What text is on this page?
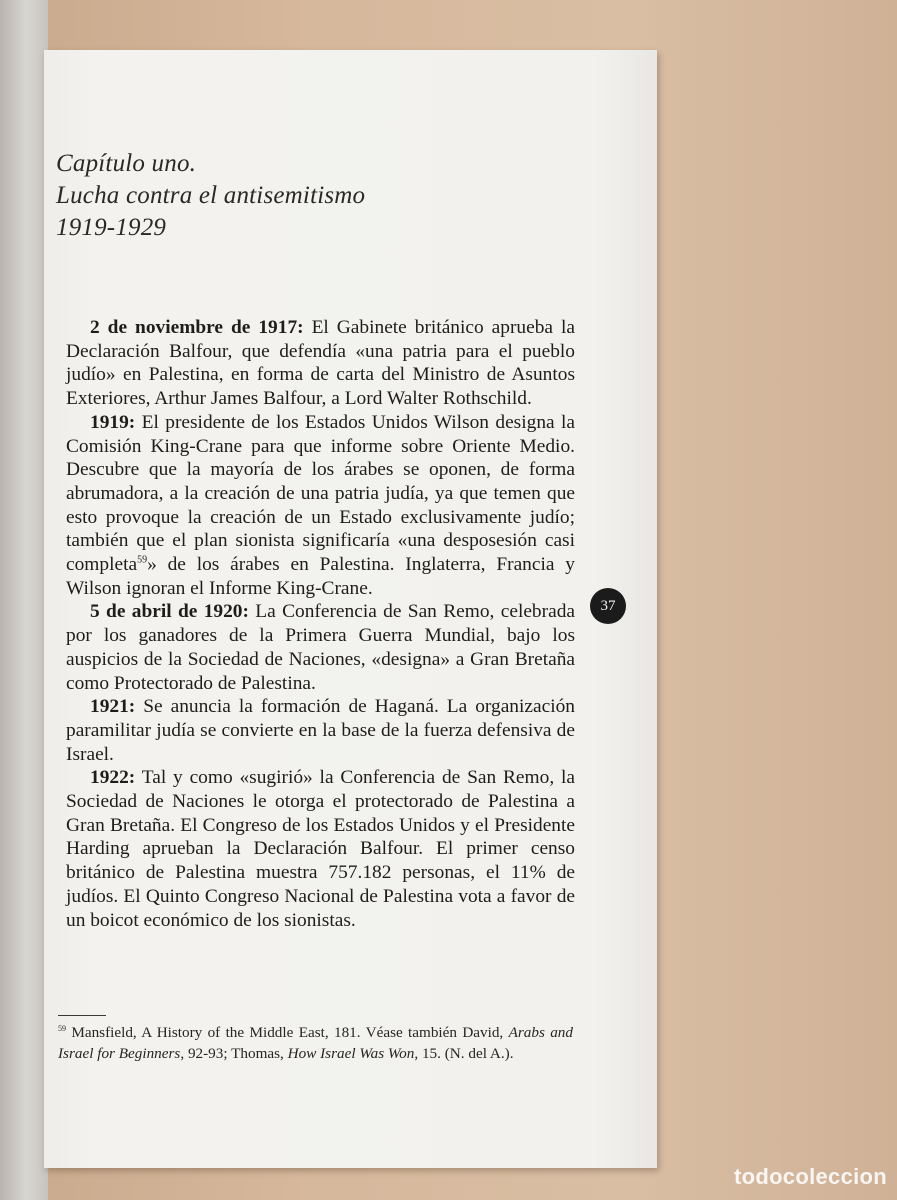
Capítulo uno.
Lucha contra el antisemitismo
1919-1929

2 de noviembre de 1917: El Gabinete británico aprueba la Declaración Balfour, que defendía «una patria para el pueblo judío» en Palestina, en forma de carta del Ministro de Asuntos Exteriores, Arthur James Balfour, a Lord Walter Rothschild.

1919: El presidente de los Estados Unidos Wilson designa la Comisión King-Crane para que informe sobre Oriente Medio. Descubre que la mayoría de los árabes se oponen, de forma abrumadora, a la creación de una patria judía, ya que temen que esto provoque la creación de un Estado exclusivamente judío; también que el plan sionista significaría «una desposesión casi completa$^{59}$» de los árabes en Palestina. Inglaterra, Francia y Wilson ignoran el Informe King-Crane.

5 de abril de 1920: La Conferencia de San Remo, celebrada por los ganadores de la Primera Guerra Mundial, bajo los auspicios de la Sociedad de Naciones, «designa» a Gran Bretaña como Protectorado de Palestina.

1921: Se anuncia la formación de Haganá. La organización paramilitar judía se convierte en la base de la fuerza defensiva de Israel.

1922: Tal y como «sugirió» la Conferencia de San Remo, la Sociedad de Naciones le otorga el protectorado de Palestina a Gran Bretaña. El Congreso de los Estados Unidos y el Presidente Harding aprueban la Declaración Balfour. El primer censo británico de Palestina muestra 757.182 personas, el 11% de judíos. El Quinto Congreso Nacional de Palestina vota a favor de un boicot económico de los sionistas.

$^{59}$ Mansfield, A History of the Middle East, 181. Véase también David, Arabs and Israel for Beginners, 92-93; Thomas, How Israel Was Won, 15. (N. del A.).

37
todocoleccion
